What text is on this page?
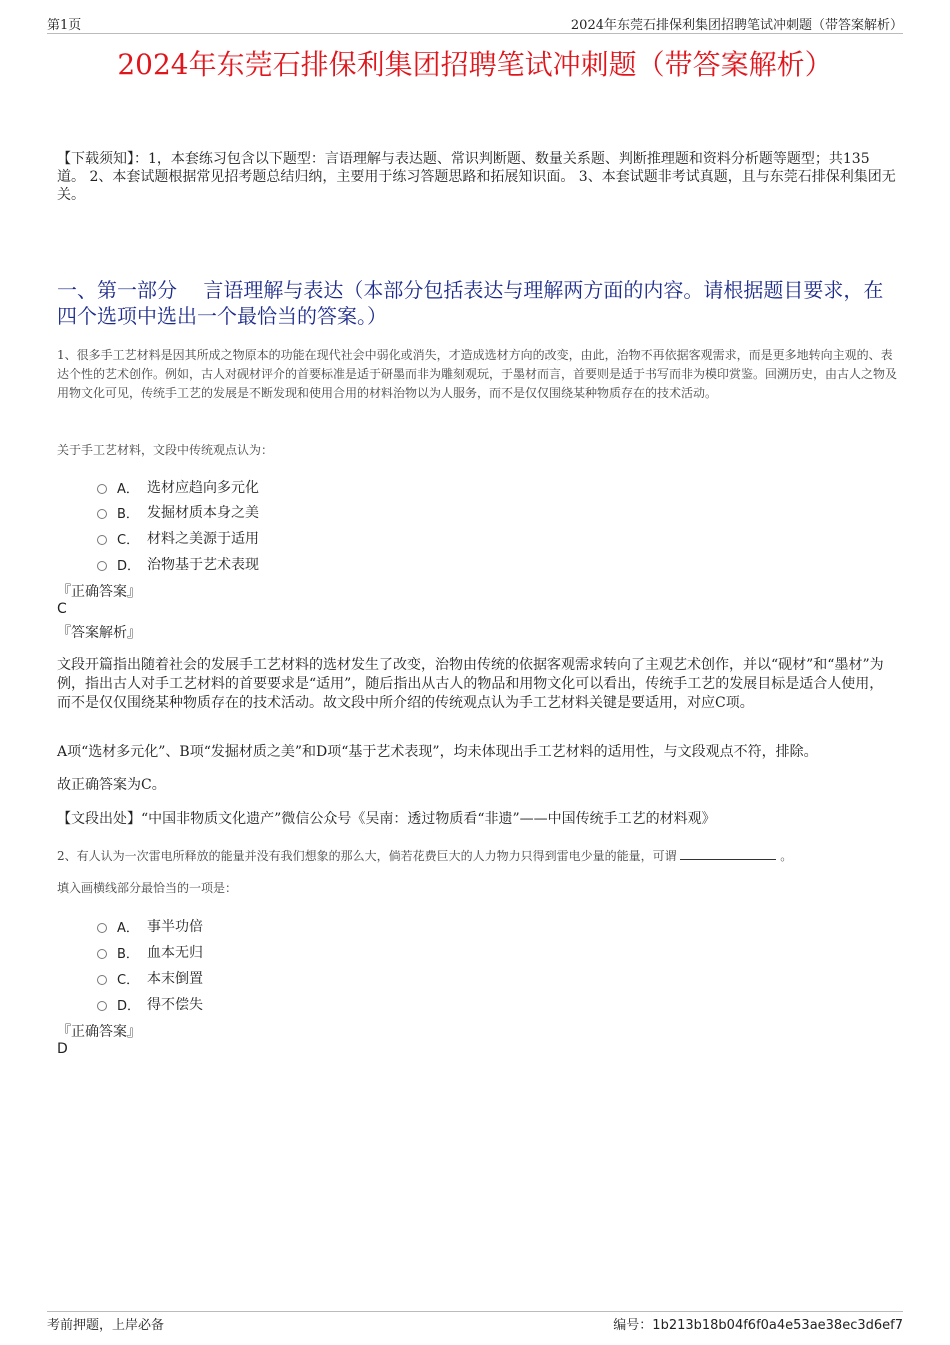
第1页	2024年东莞石排保利集团招聘笔试冲刺题（带答案解析）
2024年东莞石排保利集团招聘笔试冲刺题（带答案解析）
【下载须知】：1，本套练习包含以下题型：言语理解与表达题、常识判断题、数量关系题、判断推理题和资料分析题等题型；共135道。 2、本套试题根据常见招考题总结归纳，主要用于练习答题思路和拓展知识面。 3、本套试题非考试真题，且与东莞石排保利集团无关。
一、第一部分　 言语理解与表达（本部分包括表达与理解两方面的内容。请根据题目要求，在四个选项中选出一个最恰当的答案。）
1、很多手工艺材料是因其所成之物原本的功能在现代社会中弱化或消失，才造成选材方向的改变，由此，治物不再依据客观需求，而是更多地转向主观的、表达个性的艺术创作。例如，古人对砚材评介的首要标准是适于研墨而非为雕刻观玩，于墨材而言，首要则是适于书写而非为模印赏鉴。回溯历史，由古人之物及用物文化可见，传统手工艺的发展是不断发现和使用合用的材料治物以为人服务，而不是仅仅围绕某种物质存在的技术活动。
关于手工艺材料，文段中传统观点认为：
A． 选材应趋向多元化
B． 发掘材质本身之美
C． 材料之美源于适用
D． 治物基于艺术表现
『正确答案』
C
『答案解析』
文段开篇指出随着社会的发展手工艺材料的选材发生了改变，治物由传统的依据客观需求转向了主观艺术创作，并以“砚材”和“墨材”为例，指出古人对手工艺材料的首要要求是“适用”，随后指出从古人的物品和用物文化可以看出，传统手工艺的发展目标是适合人使用，而不是仅仅围绕某种物质存在的技术活动。故文段中所介绍的传统观点认为手工艺材料关键是要适用，对应C项。
A项“选材多元化”、B项“发掘材质之美”和D项“基于艺术表现”，均未体现出手工艺材料的适用性，与文段观点不符，排除。
故正确答案为C。
【文段出处】“中国非物质文化遗产”微信公众号《吴南：透过物质看“非遗”——中国传统手工艺的材料观》
2、有人认为一次雷电所释放的能量并没有我们想象的那么大，倘若花费巨大的人力物力只得到雷电少量的能量，可谓	。
填入画横线部分最恰当的一项是：
A． 事半功倍
B． 血本无归
C． 本末倒置
D． 得不偿失
『正确答案』
D
考前押题，上岸必备	编号：1b213b18b04f6f0a4e53ae38ec3d6ef7
